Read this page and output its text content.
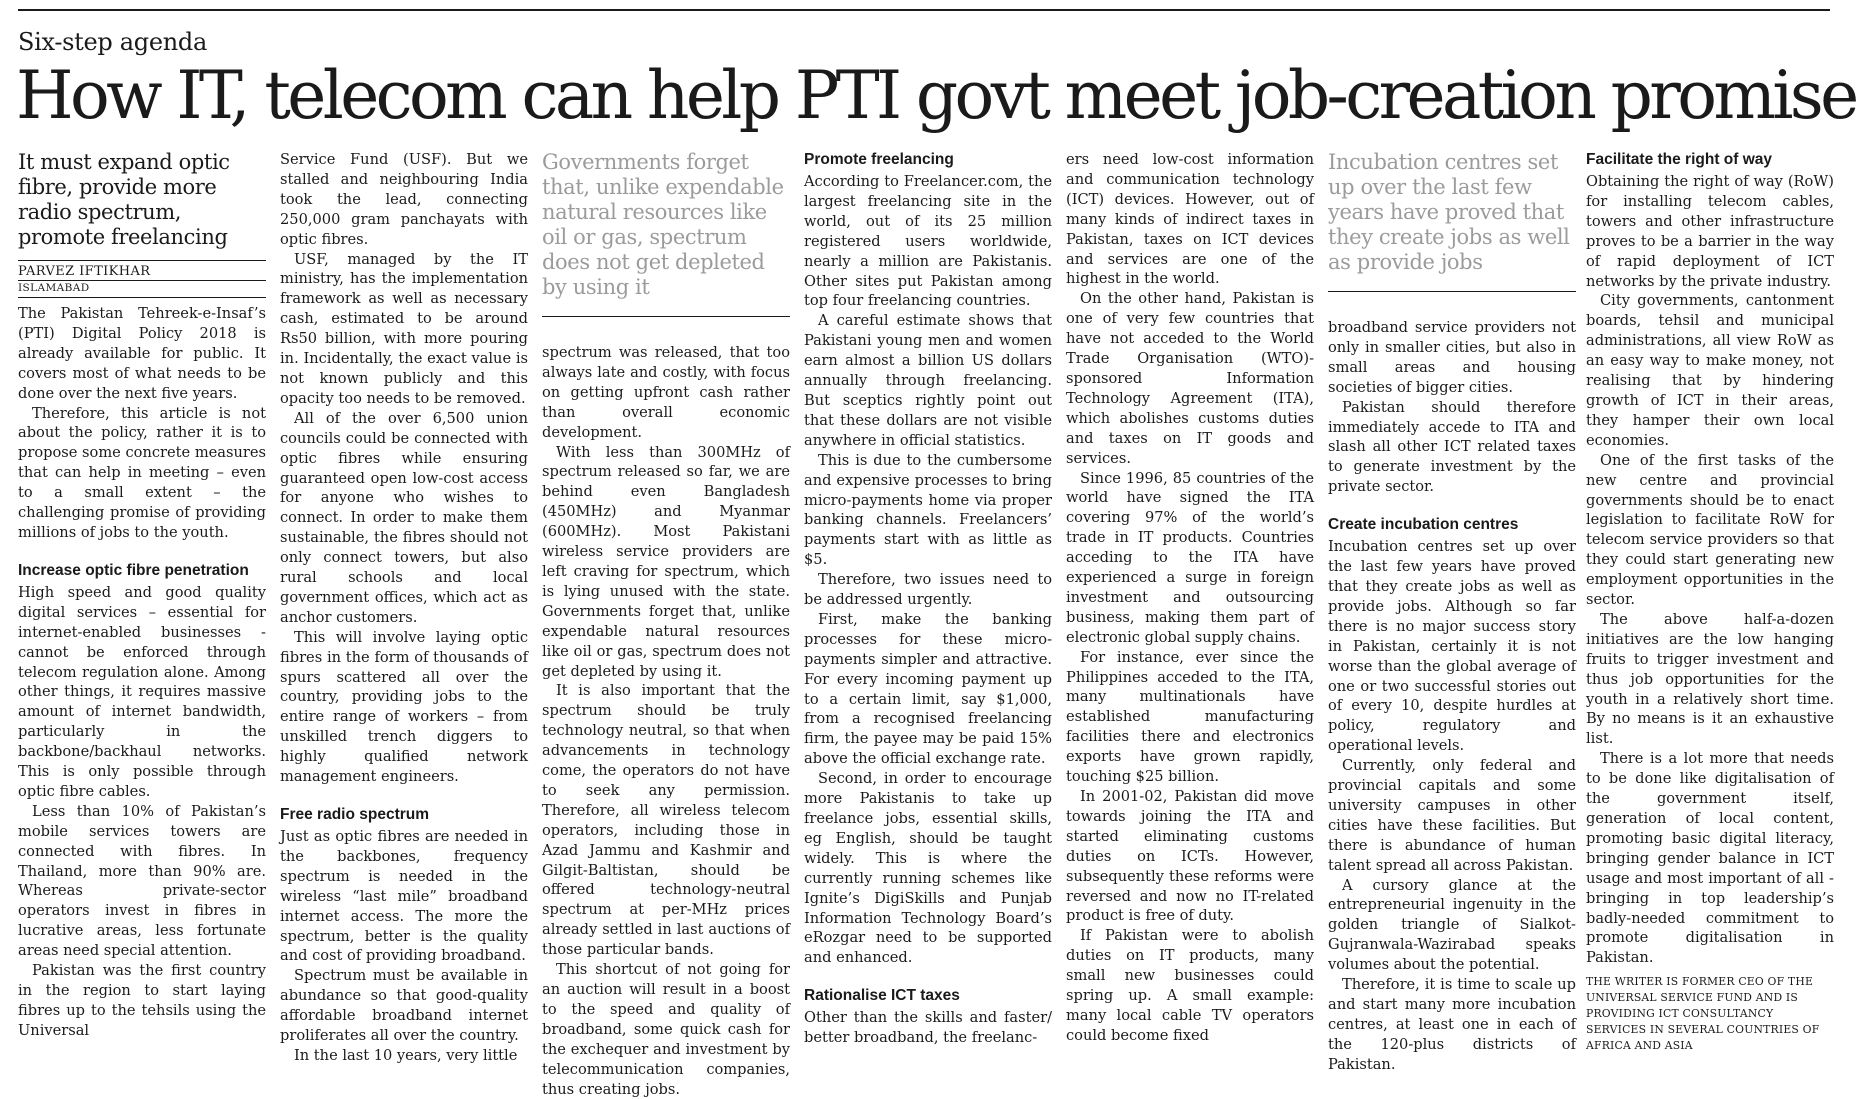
Six-step agenda
How IT, telecom can help PTI govt meet job-creation promise
It must expand optic fibre, provide more radio spectrum, promote freelancing
PARVEZ IFTIKHAR
ISLAMABAD

The Pakistan Tehreek-e-Insaf’s (PTI) Digital Policy 2018 is already available for public. It covers most of what needs to be done over the next five years.

Therefore, this article is not about the policy, rather it is to propose some concrete measures that can help in meeting – even to a small extent – the challenging promise of providing millions of jobs to the youth.

Increase optic fibre penetration

High speed and good quality digital services – essential for internet-enabled businesses - cannot be enforced through telecom regulation alone. Among other things, it requires massive amount of internet bandwidth, particularly in the backbone/backhaul networks. This is only possible through optic fibre cables.

Less than 10% of Pakistan’s mobile services towers are connected with fibres. In Thailand, more than 90% are. Whereas private-sector operators invest in fibres in lucrative areas, less fortunate areas need special attention.

Pakistan was the first country in the region to start laying fibres up to the tehsils using the Universal

Service Fund (USF). But we stalled and neighbouring India took the lead, connecting 250,000 gram panchayats with optic fibres.

USF, managed by the IT ministry, has the implementation framework as well as necessary cash, estimated to be around Rs50 billion, with more pouring in. Incidentally, the exact value is not known publicly and this opacity too needs to be removed.

All of the over 6,500 union councils could be connected with optic fibres while ensuring guaranteed open low-cost access for anyone who wishes to connect. In order to make them sustainable, the fibres should not only connect towers, but also rural schools and local government offices, which act as anchor customers.

This will involve laying optic fibres in the form of thousands of spurs scattered all over the country, providing jobs to the entire range of workers – from unskilled trench diggers to highly qualified network management engineers.

Free radio spectrum

Just as optic fibres are needed in the backbones, frequency spectrum is needed in the wireless “last mile” broadband internet access. The more the spectrum, better is the quality and cost of providing broadband.

Spectrum must be available in abundance so that good-quality affordable broadband internet proliferates all over the country.

In the last 10 years, very little

Governments forget that, unlike expendable natural resources like oil or gas, spectrum does not get depleted by using it

spectrum was released, that too always late and costly, with focus on getting upfront cash rather than overall economic development.

With less than 300MHz of spectrum released so far, we are behind even Bangladesh (450MHz) and Myanmar (600MHz). Most Pakistani wireless service providers are left craving for spectrum, which is lying unused with the state. Governments forget that, unlike expendable natural resources like oil or gas, spectrum does not get depleted by using it.

It is also important that the spectrum should be truly technology neutral, so that when advancements in technology come, the operators do not have to seek any permission. Therefore, all wireless telecom operators, including those in Azad Jammu and Kashmir and Gilgit-Baltistan, should be offered technology-neutral spectrum at per-MHz prices already settled in last auctions of those particular bands.

This shortcut of not going for an auction will result in a boost to the speed and quality of broadband, some quick cash for the exchequer and investment by telecommunication companies, thus creating jobs.

Promote freelancing

According to Freelancer.com, the largest freelancing site in the world, out of its 25 million registered users worldwide, nearly a million are Pakistanis. Other sites put Pakistan among top four freelancing countries.

A careful estimate shows that Pakistani young men and women earn almost a billion US dollars annually through freelancing. But sceptics rightly point out that these dollars are not visible anywhere in official statistics.

This is due to the cumbersome and expensive processes to bring micro-payments home via proper banking channels. Freelancers’ payments start with as little as $5.

Therefore, two issues need to be addressed urgently.

First, make the banking processes for these micro-payments simpler and attractive. For every incoming payment up to a certain limit, say $1,000, from a recognised freelancing firm, the payee may be paid 15% above the official exchange rate.

Second, in order to encourage more Pakistanis to take up freelance jobs, essential skills, eg English, should be taught widely. This is where the currently running schemes like Ignite’s DigiSkills and Punjab Information Technology Board’s eRozgar need to be supported and enhanced.

Rationalise ICT taxes

Other than the skills and faster/ better broadband, the freelanc-

ers need low-cost information and communication technology (ICT) devices. However, out of many kinds of indirect taxes in Pakistan, taxes on ICT devices and services are one of the highest in the world.

On the other hand, Pakistan is one of very few countries that have not acceded to the World Trade Organisation (WTO)-sponsored Information Technology Agreement (ITA), which abolishes customs duties and taxes on IT goods and services.

Since 1996, 85 countries of the world have signed the ITA covering 97% of the world’s trade in IT products. Countries acceding to the ITA have experienced a surge in foreign investment and outsourcing business, making them part of electronic global supply chains.

For instance, ever since the Philippines acceded to the ITA, many multinationals have established manufacturing facilities there and electronics exports have grown rapidly, touching $25 billion.

In 2001-02, Pakistan did move towards joining the ITA and started eliminating customs duties on ICTs. However, subsequently these reforms were reversed and now no IT-related product is free of duty.

If Pakistan were to abolish duties on IT products, many small new businesses could spring up. A small example: many local cable TV operators could become fixed

Incubation centres set up over the last few years have proved that they create jobs as well as provide jobs

broadband service providers not only in smaller cities, but also in small areas and housing societies of bigger cities.

Pakistan should therefore immediately accede to ITA and slash all other ICT related taxes to generate investment by the private sector.

Create incubation centres

Incubation centres set up over the last few years have proved that they create jobs as well as provide jobs. Although so far there is no major success story in Pakistan, certainly it is not worse than the global average of one or two successful stories out of every 10, despite hurdles at policy, regulatory and operational levels.

Currently, only federal and provincial capitals and some university campuses in other cities have these facilities. But there is abundance of human talent spread all across Pakistan.

A cursory glance at the entrepreneurial ingenuity in the golden triangle of Sialkot-Gujranwala-Wazirabad speaks volumes about the potential.

Therefore, it is time to scale up and start many more incubation centres, at least one in each of the 120-plus districts of Pakistan.

Facilitate the right of way

Obtaining the right of way (RoW) for installing telecom cables, towers and other infrastructure proves to be a barrier in the way of rapid deployment of ICT networks by the private industry.

City governments, cantonment boards, tehsil and municipal administrations, all view RoW as an easy way to make money, not realising that by hindering growth of ICT in their areas, they hamper their own local economies.

One of the first tasks of the new centre and provincial governments should be to enact legislation to facilitate RoW for telecom service providers so that they could start generating new employment opportunities in the sector.

The above half-a-dozen initiatives are the low hanging fruits to trigger investment and thus job opportunities for the youth in a relatively short time. By no means is it an exhaustive list.

There is a lot more that needs to be done like digitalisation of the government itself, generation of local content, promoting basic digital literacy, bringing gender balance in ICT usage and most important of all - bringing in top leadership’s badly-needed commitment to promote digitalisation in Pakistan.

THE WRITER IS FORMER CEO OF THE UNIVERSAL SERVICE FUND AND IS PROVIDING ICT CONSULTANCY SERVICES IN SEVERAL COUNTRIES OF AFRICA AND ASIA
